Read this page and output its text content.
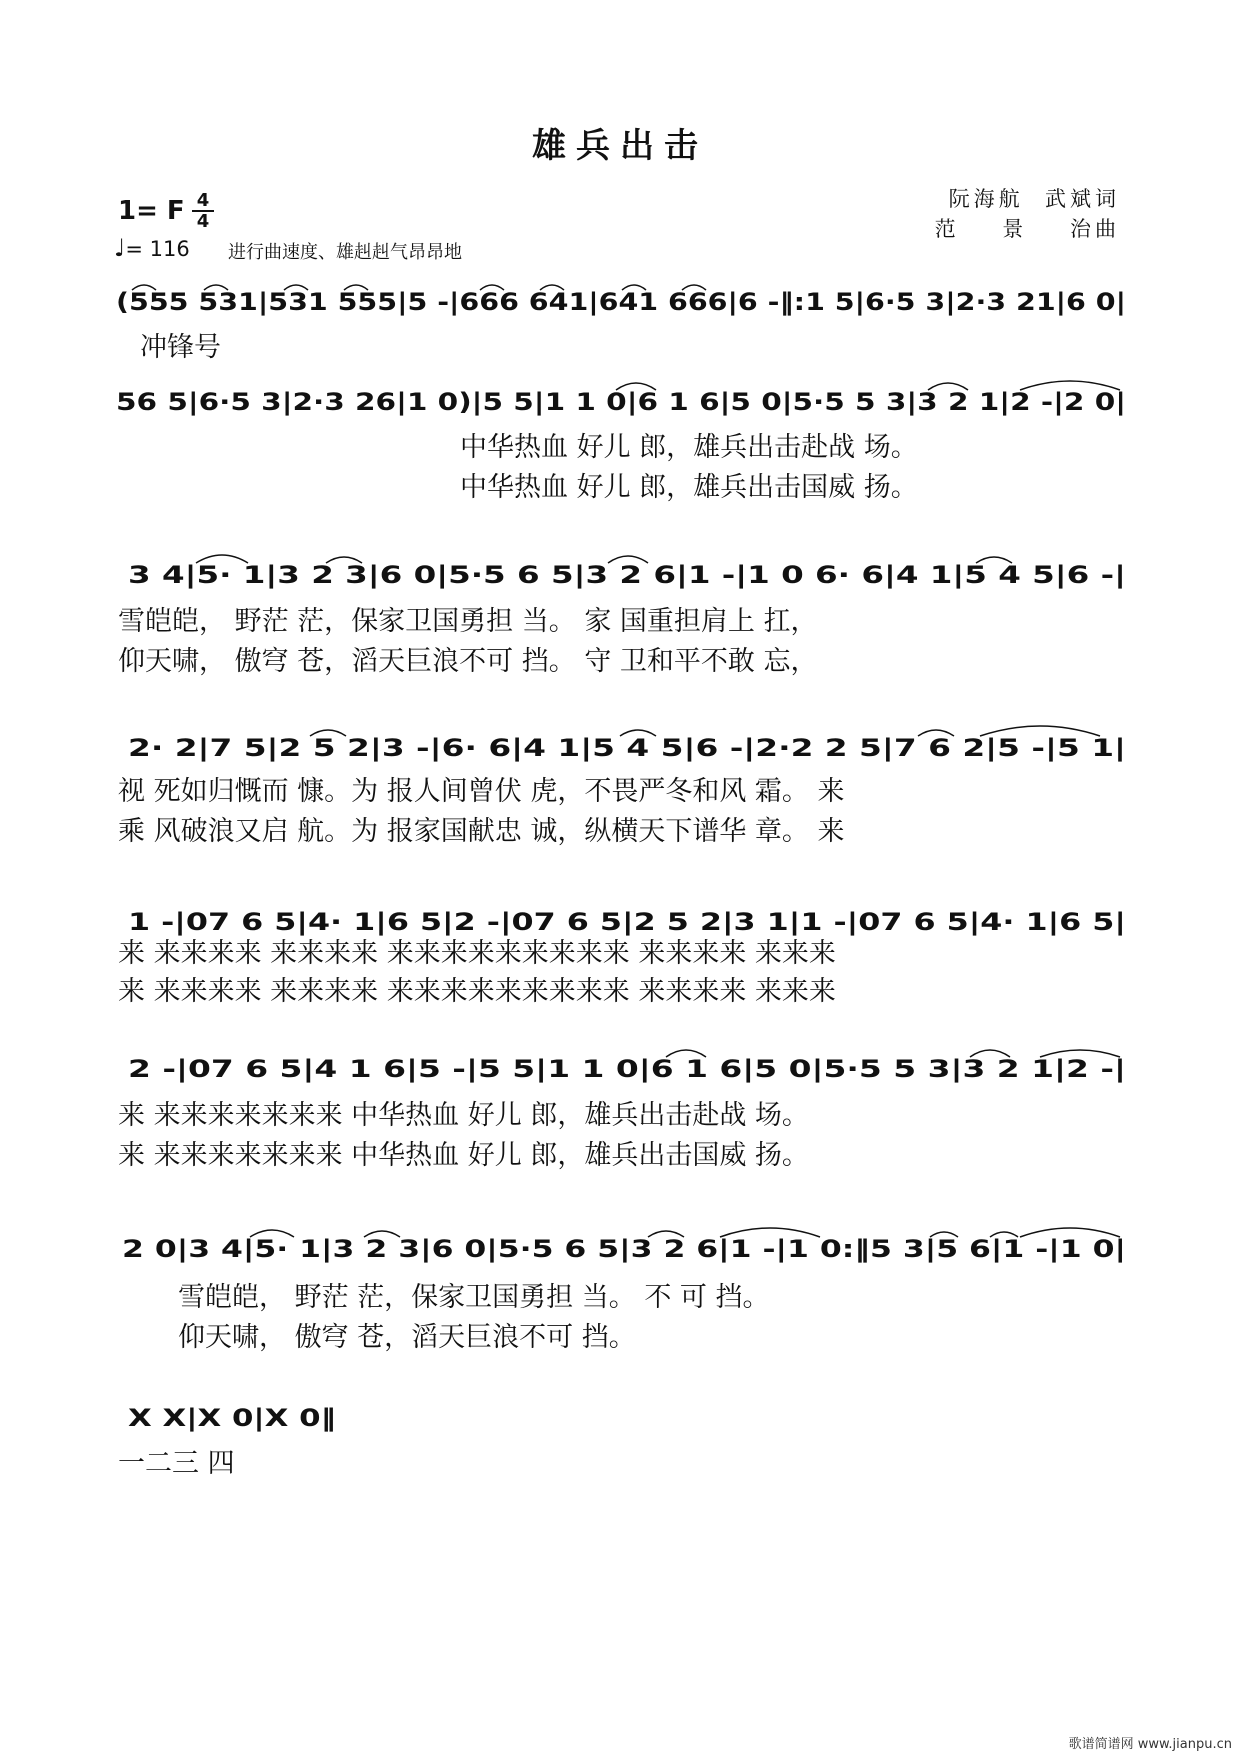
雄兵出击
阮海航  武斌词
范    景    治曲
1= F 4
4
♩= 116 进行曲速度、雄赳赳气昂昂地
(555 531|531 555|5 -|666 641|641 666|6 -‖:1 5|6·5 3|2·3 21|6 0|
冲锋号
56 5|6·5 3|2·3 26|1 0)|5 5|1 1 0|6 1 6|5 0|5·5 5 3|3 2 1|2 -|2 0|
中华热血 好儿 郎，雄兵出击赴战 场。
中华热血 好儿 郎，雄兵出击国威 扬。
3 4|5· 1|3 2 3|6 0|5·5 6 5|3 2 6|1 -|1 0 6· 6|4 1|5 4 5|6 -|
雪皑皑， 野茫 茫，保家卫国勇担 当。 家 国重担肩上 扛，
仰天啸， 傲穹 苍，滔天巨浪不可 挡。 守 卫和平不敢 忘，
2· 2|7 5|2 5 2|3 -|6· 6|4 1|5 4 5|6 -|2·2 2 5|7 6 2|5 -|5 1|
视 死如归慨而 慷。为 报人间曾伏 虎，不畏严冬和风 霜。 来
乘 风破浪又启 航。为 报家国献忠 诚，纵横天下谱华 章。 来
1 -|07 6 5|4· 1|6 5|2 -|07 6 5|2 5 2|3 1|1 -|07 6 5|4· 1|6 5|
来 来来来来 来来来来 来来来来来来来来来 来来来来 来来来
来 来来来来 来来来来 来来来来来来来来来 来来来来 来来来
2 -|07 6 5|4 1 6|5 -|5 5|1 1 0|6 1 6|5 0|5·5 5 3|3 2 1|2 -|
来 来来来来来来来 中华热血 好儿 郎，雄兵出击赴战 场。
来 来来来来来来来 中华热血 好儿 郎，雄兵出击国威 扬。
2 0|3 4|5· 1|3 2 3|6 0|5·5 6 5|3 2 6|1 -|1 0:‖5 3|5 6|1 -|1 0|
雪皑皑， 野茫 茫，保家卫国勇担 当。 不 可 挡。
仰天啸， 傲穹 苍，滔天巨浪不可 挡。
X X|X 0|X 0‖
一二三 四
歌谱简谱网 www.jianpu.cn
